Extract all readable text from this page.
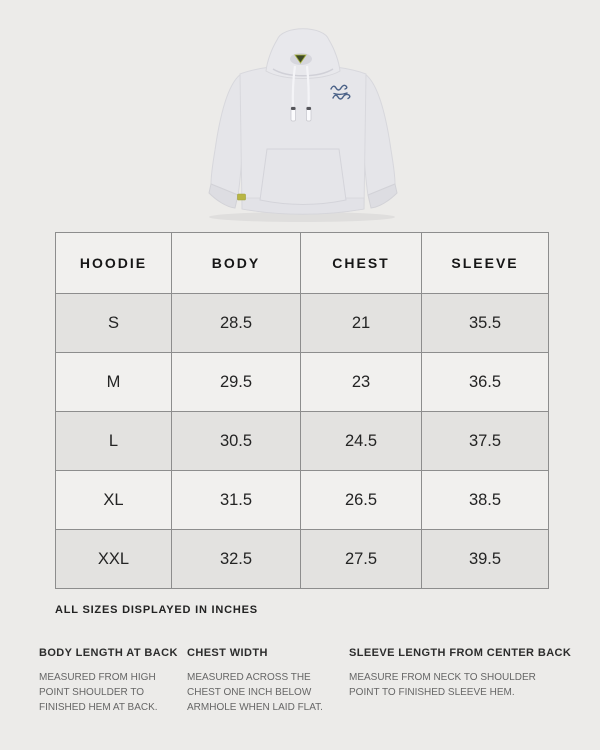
HOODIE	BODY	CHEST	SLEEVE
S	28.5	21	35.5
M	29.5	23	36.5
L	30.5	24.5	37.5
XL	31.5	26.5	38.5
XXL	32.5	27.5	39.5

ALL SIZES DISPLAYED IN INCHES

BODY LENGTH AT BACK

MEASURED FROM HIGH POINT SHOULDER TO FINISHED HEM AT BACK.

CHEST WIDTH

MEASURED ACROSS THE CHEST ONE INCH BELOW ARMHOLE WHEN LAID FLAT.

SLEEVE LENGTH FROM CENTER BACK

MEASURE FROM NECK TO SHOULDER POINT TO FINISHED SLEEVE HEM.
